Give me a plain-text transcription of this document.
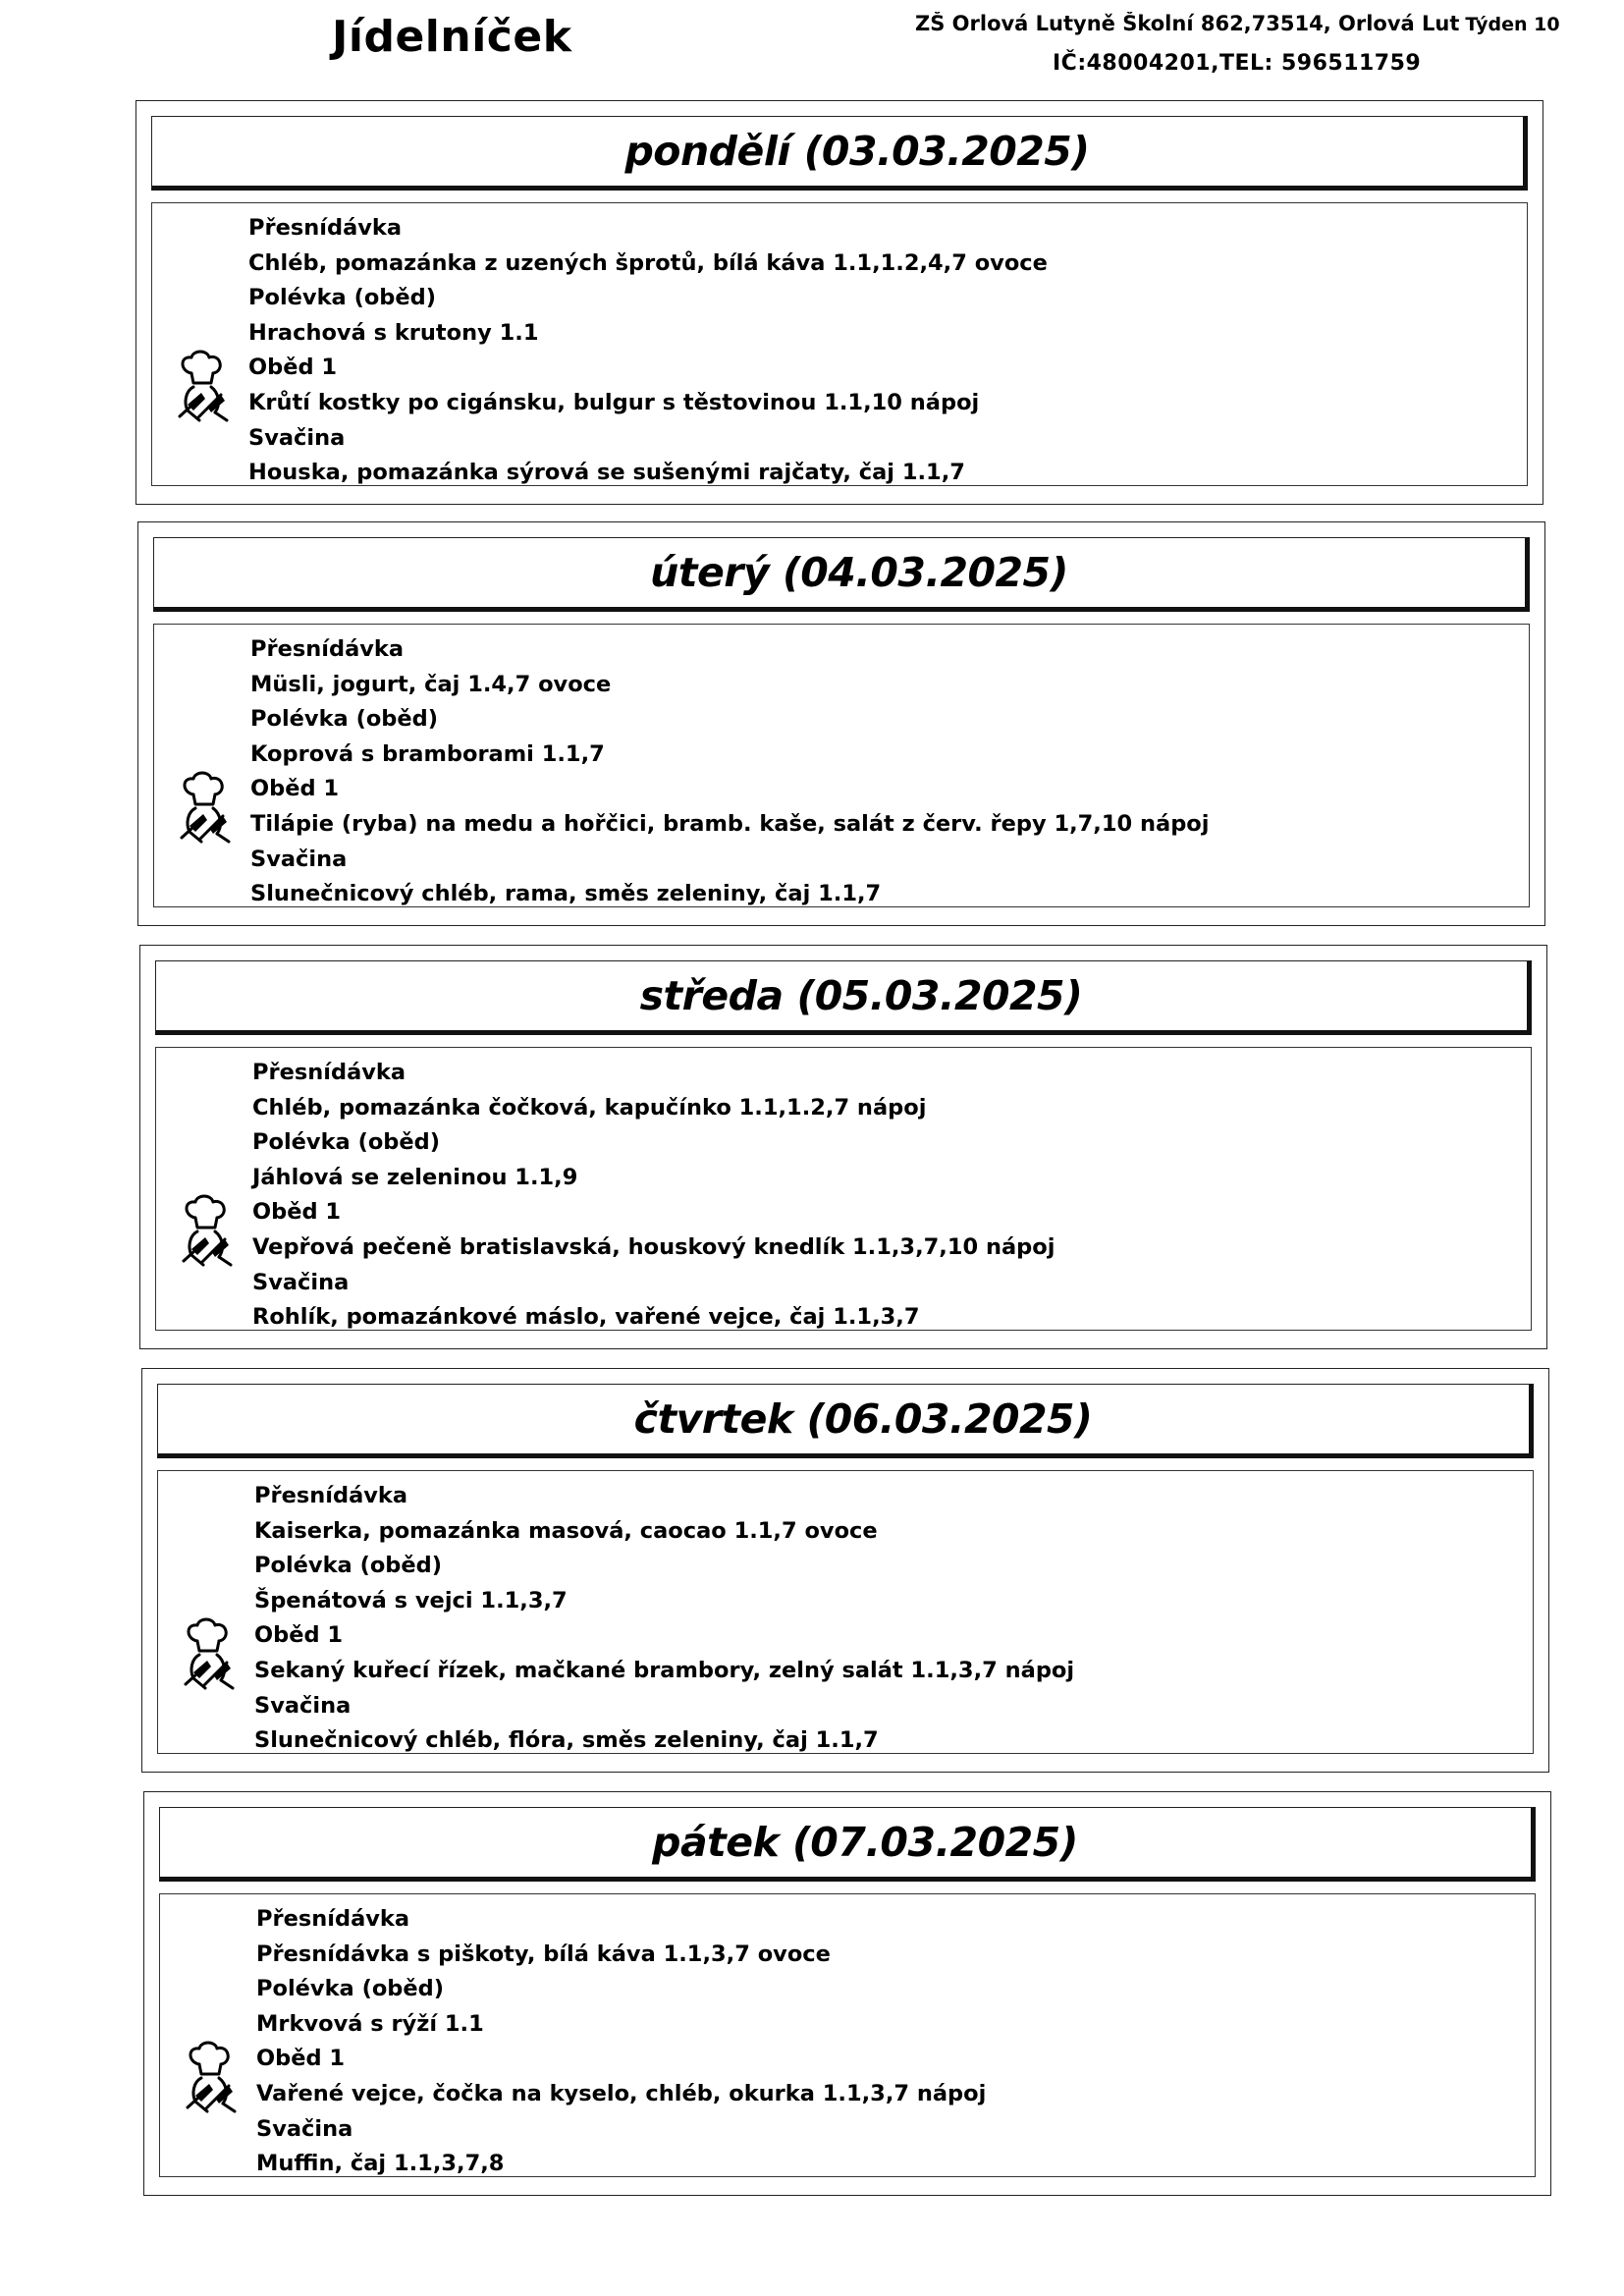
Jídelníček	ZŠ Orlová Lutyně Školní 862,73514, Orlová Lut Týden 10
IČ:48004201,TEL: 596511759
pondělí (03.03.2025)
Přesnídávka
Chléb, pomazánka z uzených šprotů, bílá káva 1.1,1.2,4,7 ovoce
Polévka (oběd)
Hrachová s krutony 1.1
Oběd 1
Krůtí kostky po cigánsku, bulgur s těstovinou 1.1,10 nápoj
Svačina
Houska, pomazánka sýrová se sušenými rajčaty, čaj 1.1,7
úterý (04.03.2025)
Přesnídávka
Müsli, jogurt, čaj 1.4,7 ovoce
Polévka (oběd)
Koprová s bramborami 1.1,7
Oběd 1
Tilápie (ryba) na medu a hořčici, bramb. kaše, salát z červ. řepy 1,7,10 nápoj
Svačina
Slunečnicový chléb, rama, směs zeleniny, čaj 1.1,7
středa (05.03.2025)
Přesnídávka
Chléb, pomazánka čočková, kapučínko 1.1,1.2,7 nápoj
Polévka (oběd)
Jáhlová se zeleninou 1.1,9
Oběd 1
Vepřová pečeně bratislavská, houskový knedlík 1.1,3,7,10 nápoj
Svačina
Rohlík, pomazánkové máslo, vařené vejce, čaj 1.1,3,7
čtvrtek (06.03.2025)
Přesnídávka
Kaiserka, pomazánka masová, caocao 1.1,7 ovoce
Polévka (oběd)
Špenátová s vejci 1.1,3,7
Oběd 1
Sekaný kuřecí řízek, mačkané brambory, zelný salát 1.1,3,7 nápoj
Svačina
Slunečnicový chléb, flóra, směs zeleniny, čaj 1.1,7
pátek (07.03.2025)
Přesnídávka
Přesnídávka s piškoty, bílá káva 1.1,3,7 ovoce
Polévka (oběd)
Mrkvová s rýží 1.1
Oběd 1
Vařené vejce, čočka na kyselo, chléb, okurka 1.1,3,7 nápoj
Svačina
Muffin, čaj 1.1,3,7,8
